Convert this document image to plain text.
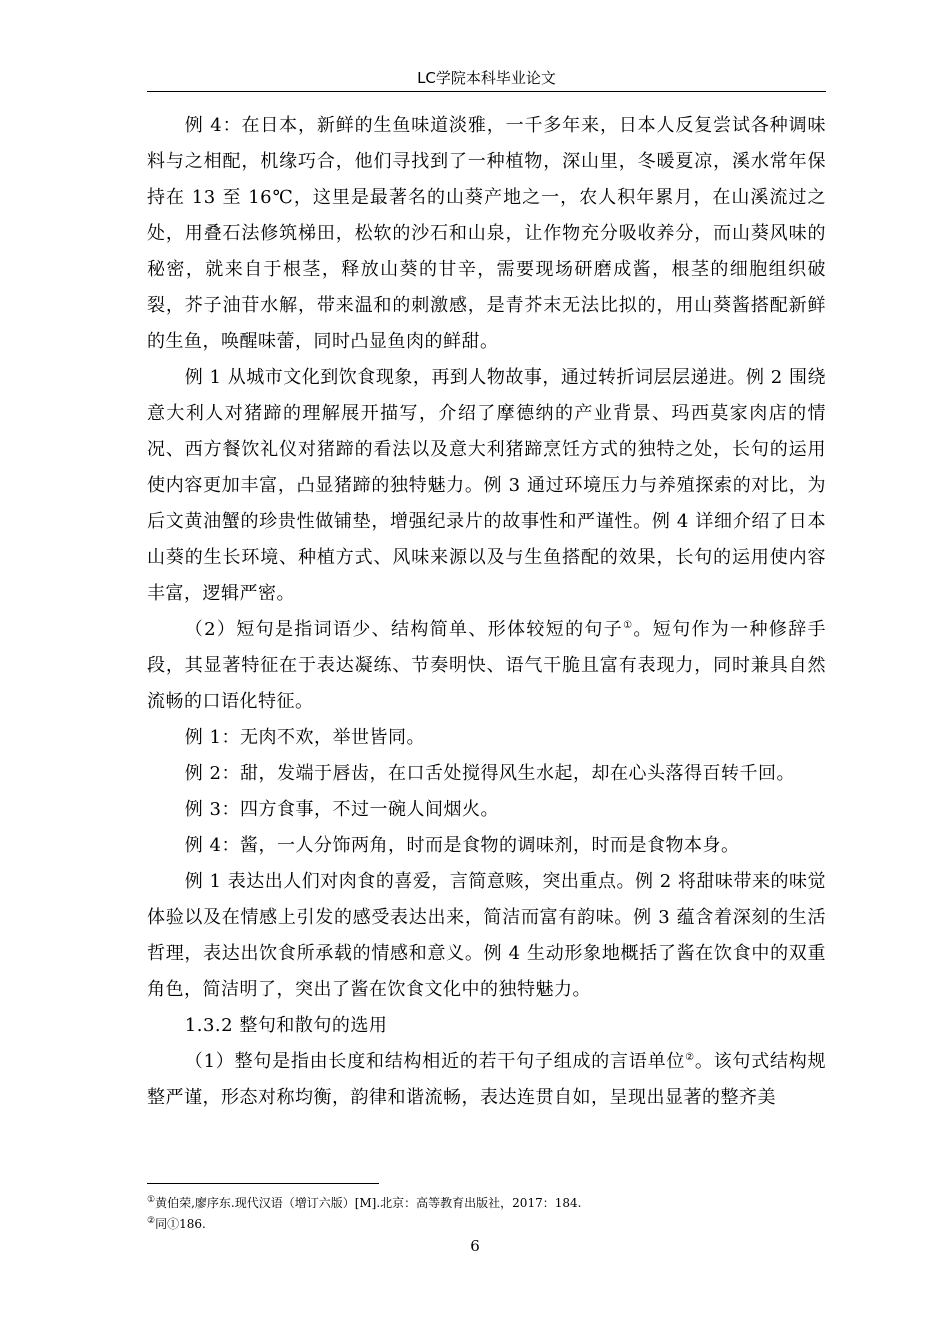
LC学院本科毕业论文

例 4：在日本，新鲜的生鱼味道淡雅，一千多年来，日本人反复尝试各种调味料与之相配，机缘巧合，他们寻找到了一种植物，深山里，冬暖夏凉，溪水常年保持在 13 至 16℃，这里是最著名的山葵产地之一，农人积年累月，在山溪流过之处，用叠石法修筑梯田，松软的沙石和山泉，让作物充分吸收养分，而山葵风味的秘密，就来自于根茎，释放山葵的甘辛，需要现场研磨成酱，根茎的细胞组织破裂，芥子油苷水解，带来温和的刺激感，是青芥末无法比拟的，用山葵酱搭配新鲜的生鱼，唤醒味蕾，同时凸显鱼肉的鲜甜。

例 1 从城市文化到饮食现象，再到人物故事，通过转折词层层递进。例 2 围绕意大利人对猪蹄的理解展开描写，介绍了摩德纳的产业背景、玛西莫家肉店的情况、西方餐饮礼仪对猪蹄的看法以及意大利猪蹄烹饪方式的独特之处，长句的运用使内容更加丰富，凸显猪蹄的独特魅力。例 3 通过环境压力与养殖探索的对比，为后文黄油蟹的珍贵性做铺垫，增强纪录片的故事性和严谨性。例 4 详细介绍了日本山葵的生长环境、种植方式、风味来源以及与生鱼搭配的效果，长句的运用使内容丰富，逻辑严密。

（2）短句是指词语少、结构简单、形体较短的句子①。短句作为一种修辞手段，其显著特征在于表达凝练、节奏明快、语气干脆且富有表现力，同时兼具自然流畅的口语化特征。

例 1：无肉不欢，举世皆同。

例 2：甜，发端于唇齿，在口舌处搅得风生水起，却在心头落得百转千回。

例 3：四方食事，不过一碗人间烟火。

例 4：酱，一人分饰两角，时而是食物的调味剂，时而是食物本身。

例 1 表达出人们对肉食的喜爱，言简意赅，突出重点。例 2 将甜味带来的味觉体验以及在情感上引发的感受表达出来，简洁而富有韵味。例 3 蕴含着深刻的生活哲理，表达出饮食所承载的情感和意义。例 4 生动形象地概括了酱在饮食中的双重角色，简洁明了，突出了酱在饮食文化中的独特魅力。

1.3.2 整句和散句的选用

（1）整句是指由长度和结构相近的若干句子组成的言语单位②。该句式结构规整严谨，形态对称均衡，韵律和谐流畅，表达连贯自如，呈现出显著的整齐美

①黄伯荣,廖序东.现代汉语（增订六版）[M].北京：高等教育出版社，2017：184.
②同①186.
6
